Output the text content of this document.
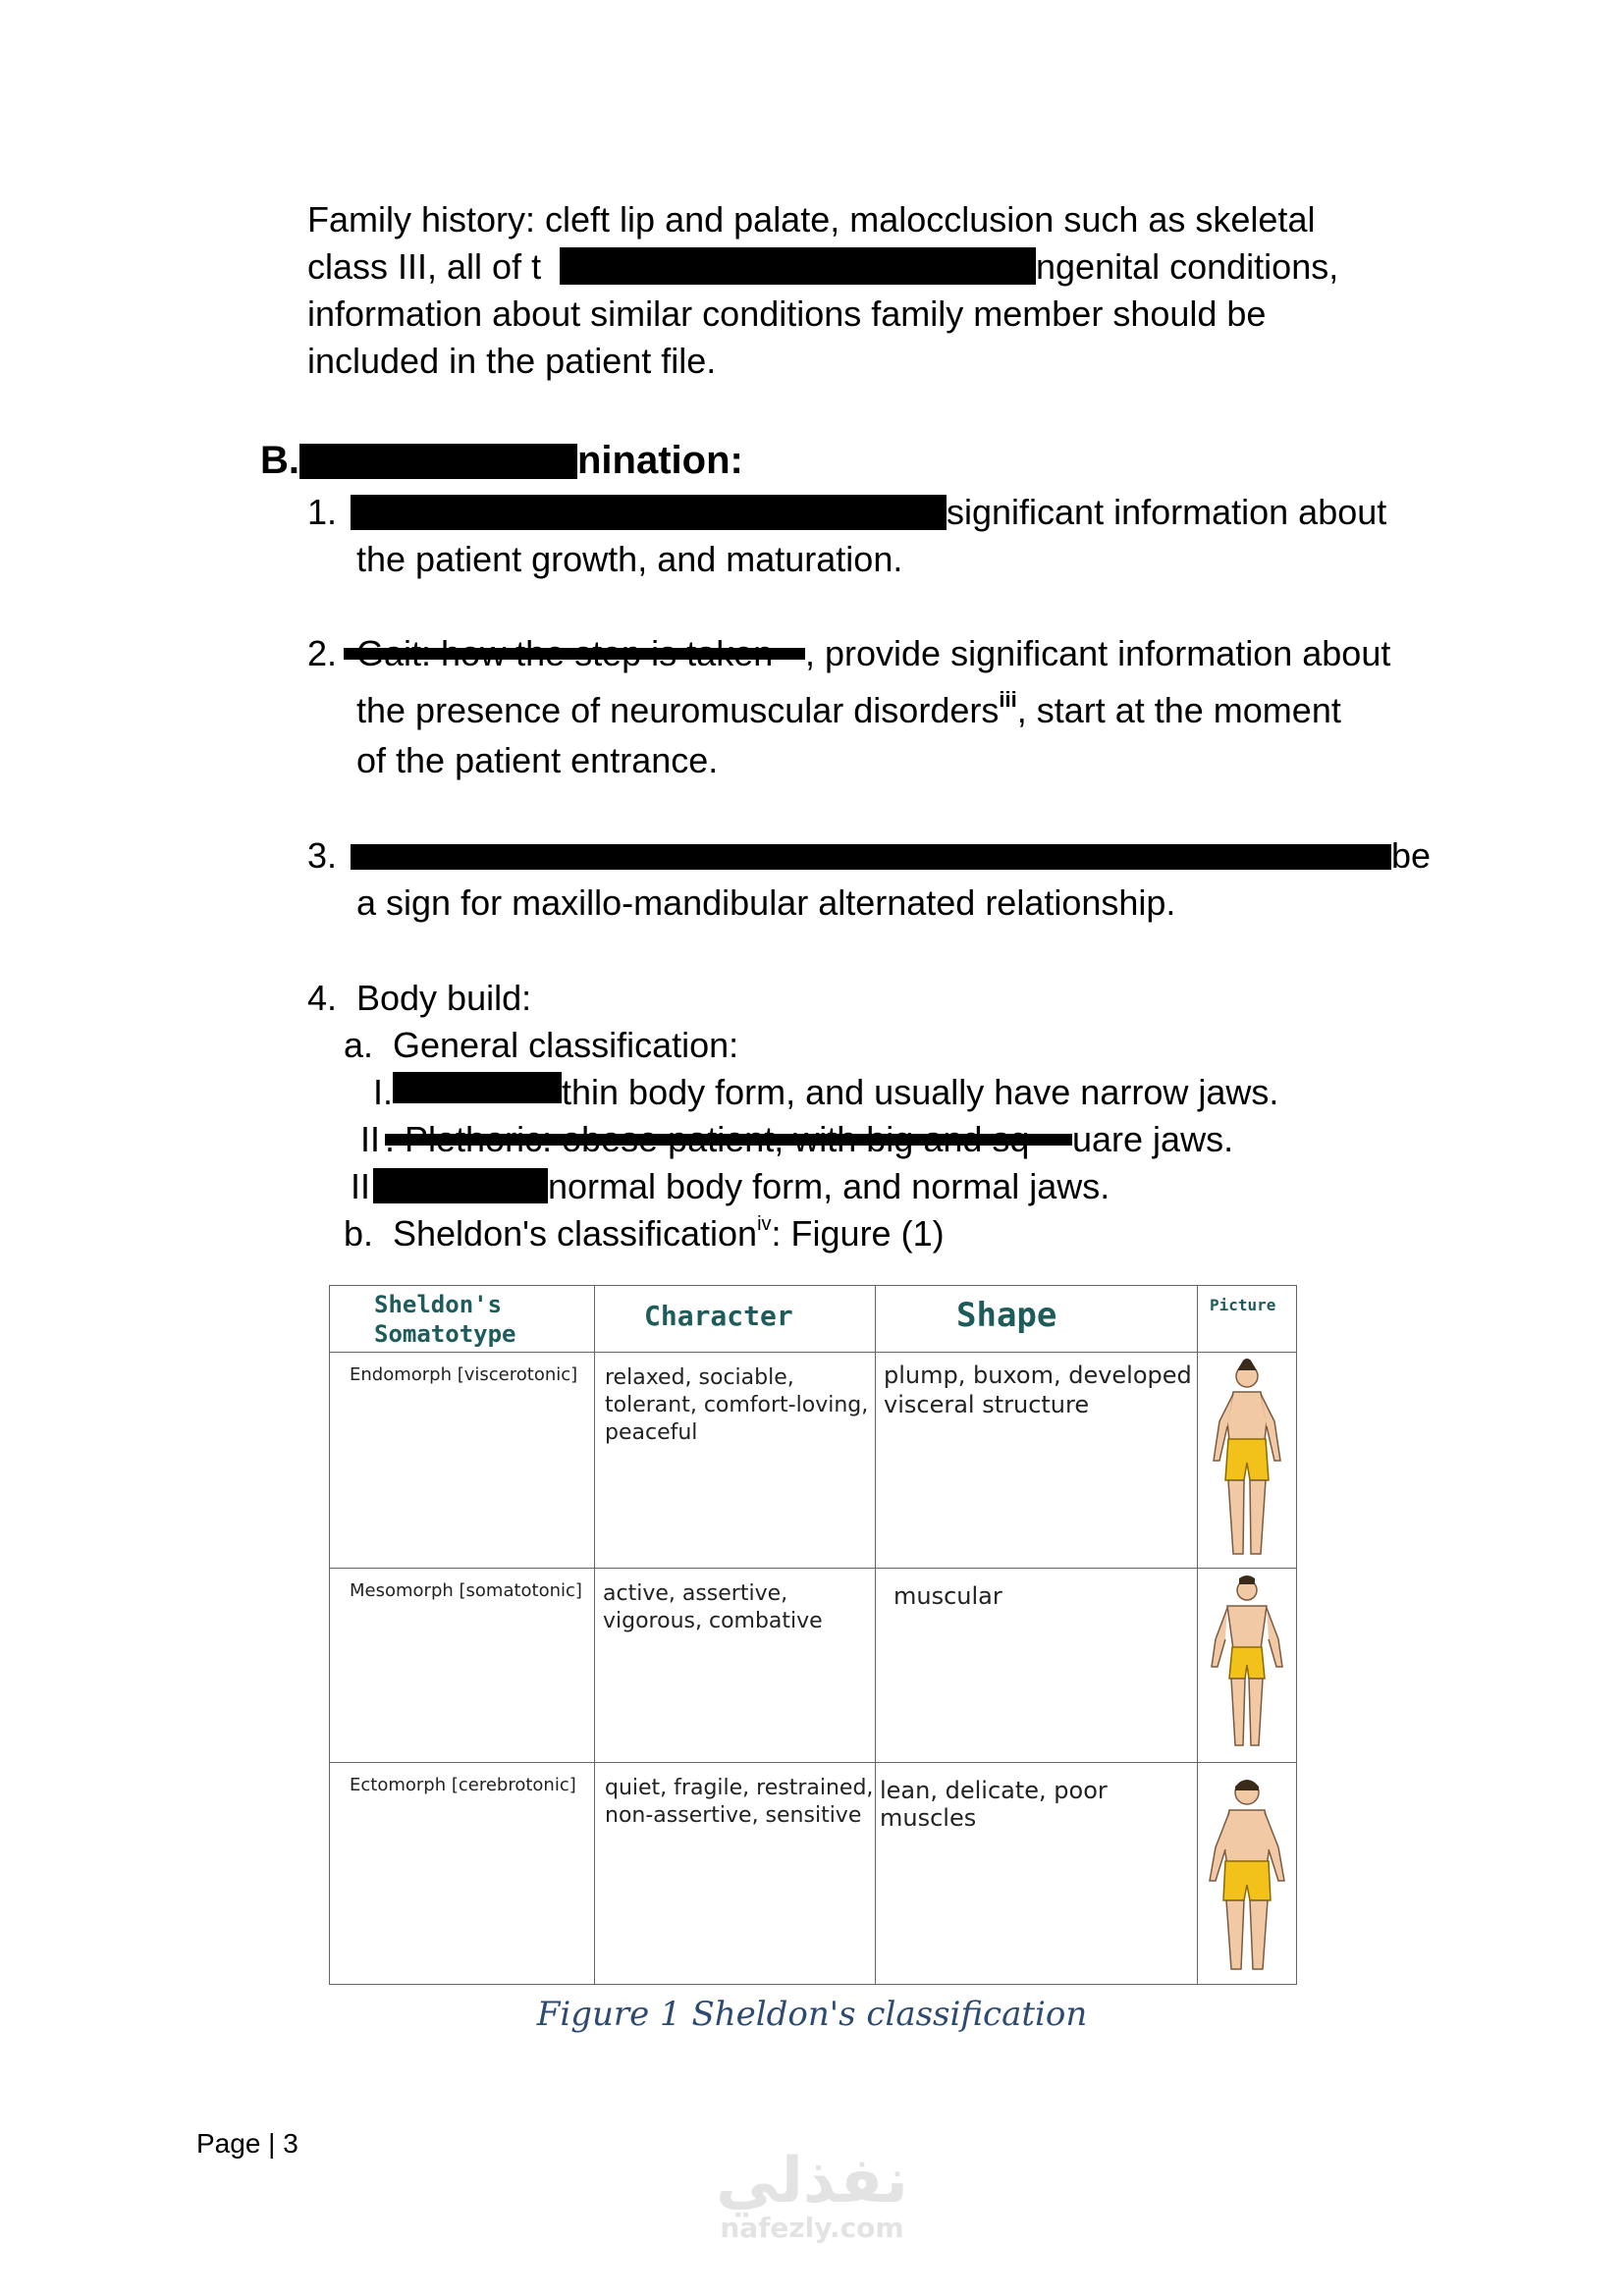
Family history: cleft lip and palate, malocclusion such as skeletal
class III, all of t	ngenital conditions,
information about similar conditions family member should be
included in the patient file.
B.	nination:
1.	significant information about
the patient growth, and maturation.
2.	, provide significant information about
the presence of neuromuscular disorders$^{iii}$, start at the moment
of the patient entrance.
3.	be
a sign for maxillo-mandibular alternated relationship.
4. Body build:
a. General classification:
I.	thin body form, and usually have narrow jaws.
II	uare jaws.
II	normal body form, and normal jaws.
b. Sheldon's classification$^{iv}$: Figure (1)
Sheldon's
Somatotype	Character	Shape	Picture

Endomorph [viscerotonic]	relaxed, sociable, tolerant, comfort-loving, peaceful	plump, buxom, developed visceral structure

Mesomorph [somatotonic]	active, assertive, vigorous, combative	muscular

Ectomorph [cerebrotonic]	quiet, fragile, restrained, non-assertive, sensitive	lean, delicate, poor muscles

Figure 1 Sheldon's classification
Page | 3
نفذلي
nafezly.com
